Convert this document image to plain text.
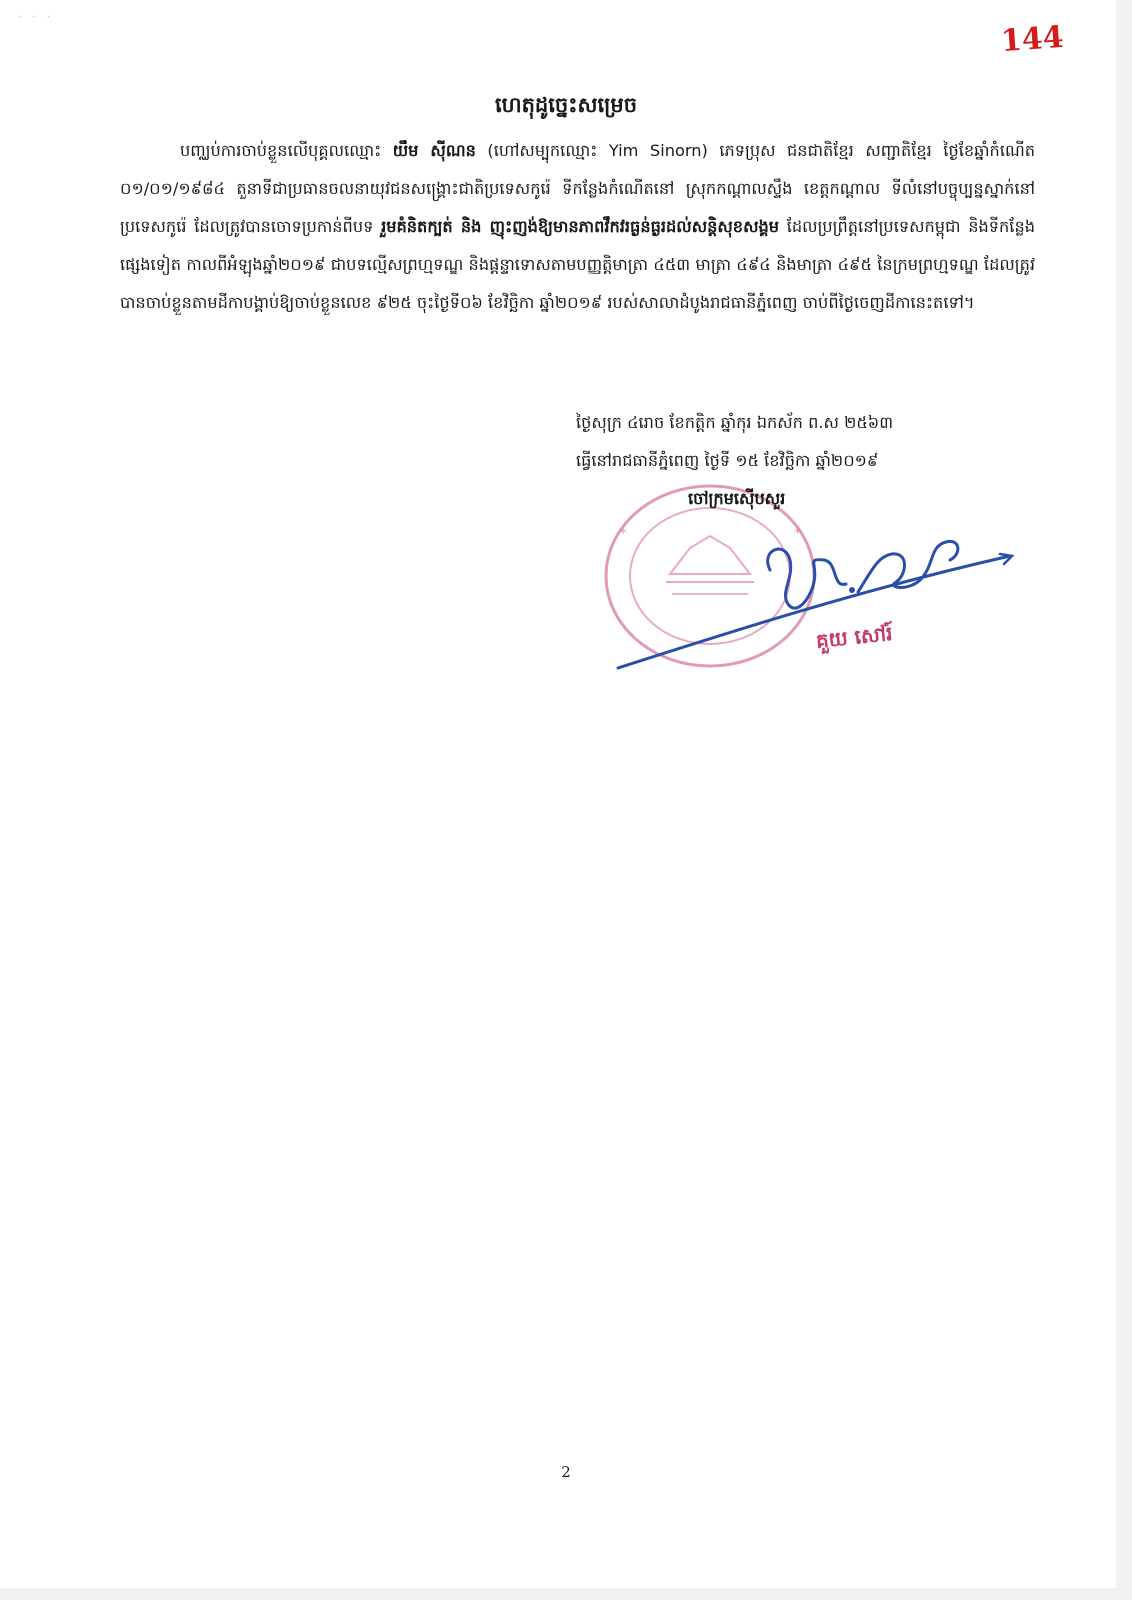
· · ·
144
ហេតុដូច្នេះសម្រេច
បញ្ឈប់ការចាប់ខ្លួនលើបុគ្គលឈ្មោះ យឹម ស៊ីណន (ហៅសម្បុកឈ្មោះ Yim Sinorn) ភេទប្រុស ជនជាតិខ្មែរ សញ្ជាតិខ្មែរ ថ្ងៃខែឆ្នាំកំណើត ០១/០១/១៩៨៤ តួនាទីជាប្រធានចលនាយុវជនសង្គ្រោះជាតិប្រទេសកូរ៉េ ទីកន្លែងកំណើតនៅ ស្រុកកណ្តាលស្ទឹង ខេត្តកណ្តាល ទីលំនៅបច្ចុប្បន្នស្នាក់នៅប្រទេសកូរ៉េ ដែលត្រូវបានចោទប្រកាន់ពីបទ រួមគំនិតក្បត់ និង ញុះញង់ឱ្យមានភាពវឹកវរធ្ងន់ធ្ងរដល់សន្តិសុខសង្គម ដែលប្រព្រឹត្តនៅប្រទេសកម្ពុជា និងទីកន្លែងផ្សេងទៀត កាលពីអំឡុងឆ្នាំ២០១៩ ជាបទល្មើសព្រហ្មទណ្ឌ និងផ្តន្ទាទោសតាមបញ្ញត្តិមាត្រា ៤៥៣ មាត្រា ៤៩៤ និងមាត្រា ៤៩៥ នៃក្រមព្រហ្មទណ្ឌ ដែលត្រូវបានចាប់ខ្លួនតាមដីកាបង្គាប់ឱ្យចាប់ខ្លួនលេខ ៩២៥ ចុះថ្ងៃទី០៦ ខែវិច្ឆិកា ឆ្នាំ២០១៩ របស់សាលាដំបូងរាជធានីភ្នំពេញ ចាប់ពីថ្ងៃចេញដីកានេះតទៅ។
*	*
ថ្ងៃសុក្រ ៤រោច ខែកត្តិក ឆ្នាំកុរ ឯកស័ក ព.ស ២៥៦៣
ធ្វើនៅរាជធានីភ្នំពេញ ថ្ងៃទី ១៥ ខែវិច្ឆិកា ឆ្នាំ២០១៩
ចៅក្រមស៊ើបសួរ
គួយ សៅរ៍
2
